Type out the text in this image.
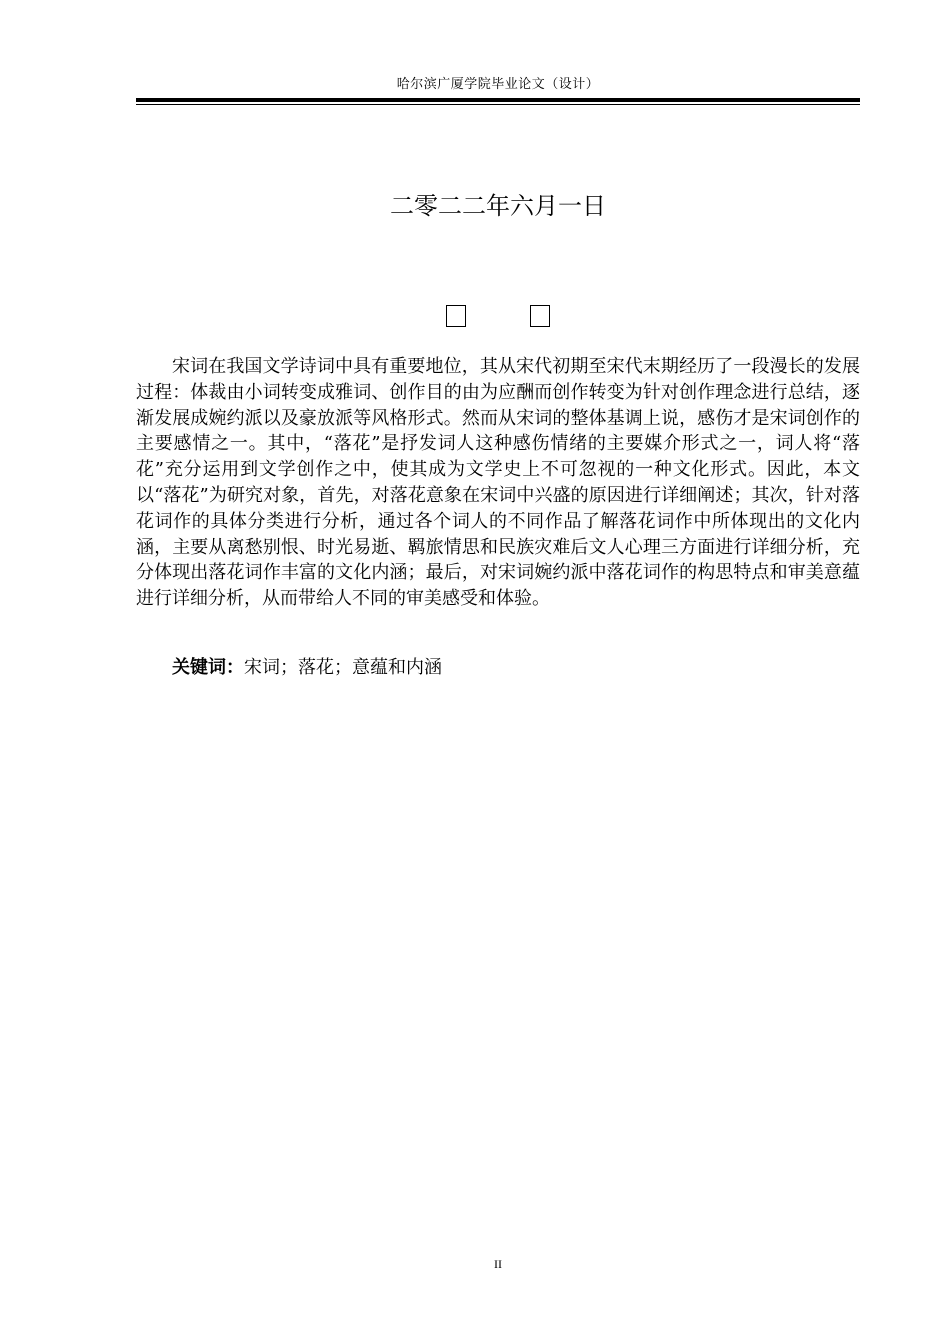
哈尔滨广厦学院毕业论文（设计）
二零二二年六月一日

宋词在我国文学诗词中具有重要地位，其从宋代初期至宋代末期经历了一段漫长的发展过程：体裁由小词转变成雅词、创作目的由为应酬而创作转变为针对创作理念进行总结，逐渐发展成婉约派以及豪放派等风格形式。然而从宋词的整体基调上说，感伤才是宋词创作的主要感情之一。其中，“落花”是抒发词人这种感伤情绪的主要媒介形式之一，词人将“落花”充分运用到文学创作之中，使其成为文学史上不可忽视的一种文化形式。因此，本文以“落花”为研究对象，首先，对落花意象在宋词中兴盛的原因进行详细阐述；其次，针对落花词作的具体分类进行分析，通过各个词人的不同作品了解落花词作中所体现出的文化内涵，主要从离愁别恨、时光易逝、羁旅情思和民族灾难后文人心理三方面进行详细分析，充分体现出落花词作丰富的文化内涵；最后，对宋词婉约派中落花词作的构思特点和审美意蕴进行详细分析，从而带给人不同的审美感受和体验。

关键词：宋词；落花；意蕴和内涵
II
